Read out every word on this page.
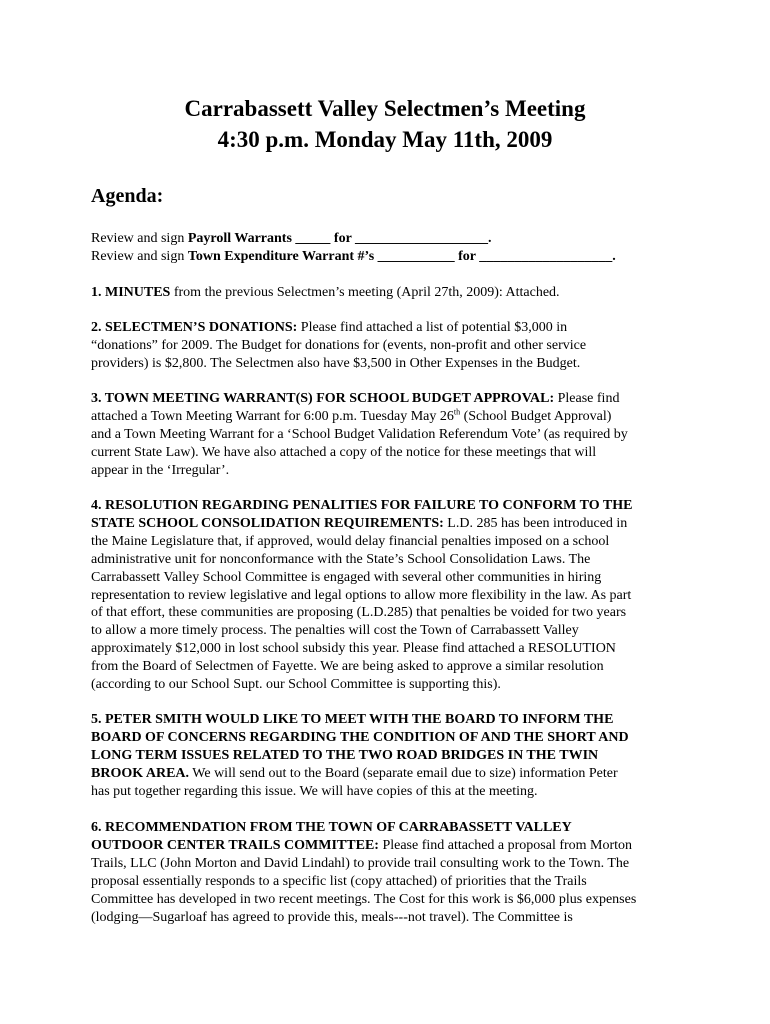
Carrabassett Valley Selectmen’s Meeting
4:30 p.m. Monday May 11th, 2009
Agenda:
Review and sign Payroll Warrants _____ for ___________________.
Review and sign Town Expenditure Warrant #’s ___________ for ___________________.
1. MINUTES from the previous Selectmen’s meeting (April 27th, 2009): Attached.
2. SELECTMEN’S DONATIONS: Please find attached a list of potential $3,000 in
“donations” for 2009. The Budget for donations for (events, non-profit and other service
providers) is $2,800. The Selectmen also have $3,500 in Other Expenses in the Budget.
3. TOWN MEETING WARRANT(S) FOR SCHOOL BUDGET APPROVAL: Please find
attached a Town Meeting Warrant for 6:00 p.m. Tuesday May 26th (School Budget Approval)
and a Town Meeting Warrant for a ‘School Budget Validation Referendum Vote’ (as required by
current State Law). We have also attached a copy of the notice for these meetings that will
appear in the ‘Irregular’.
4. RESOLUTION REGARDING PENALITIES FOR FAILURE TO CONFORM TO THE
STATE SCHOOL CONSOLIDATION REQUIREMENTS: L.D. 285 has been introduced in
the Maine Legislature that, if approved, would delay financial penalties imposed on a school
administrative unit for nonconformance with the State’s School Consolidation Laws. The
Carrabassett Valley School Committee is engaged with several other communities in hiring
representation to review legislative and legal options to allow more flexibility in the law. As part
of that effort, these communities are proposing (L.D.285) that penalties be voided for two years
to allow a more timely process. The penalties will cost the Town of Carrabassett Valley
approximately $12,000 in lost school subsidy this year. Please find attached a RESOLUTION
from the Board of Selectmen of Fayette. We are being asked to approve a similar resolution
(according to our School Supt. our School Committee is supporting this).
5. PETER SMITH WOULD LIKE TO MEET WITH THE BOARD TO INFORM THE
BOARD OF CONCERNS REGARDING THE CONDITION OF AND THE SHORT AND
LONG TERM ISSUES RELATED TO THE TWO ROAD BRIDGES IN THE TWIN
BROOK AREA. We will send out to the Board (separate email due to size) information Peter
has put together regarding this issue. We will have copies of this at the meeting.
6. RECOMMENDATION FROM THE TOWN OF CARRABASSETT VALLEY
OUTDOOR CENTER TRAILS COMMITTEE: Please find attached a proposal from Morton
Trails, LLC (John Morton and David Lindahl) to provide trail consulting work to the Town. The
proposal essentially responds to a specific list (copy attached) of priorities that the Trails
Committee has developed in two recent meetings. The Cost for this work is $6,000 plus expenses
(lodging—Sugarloaf has agreed to provide this, meals---not travel). The Committee is
